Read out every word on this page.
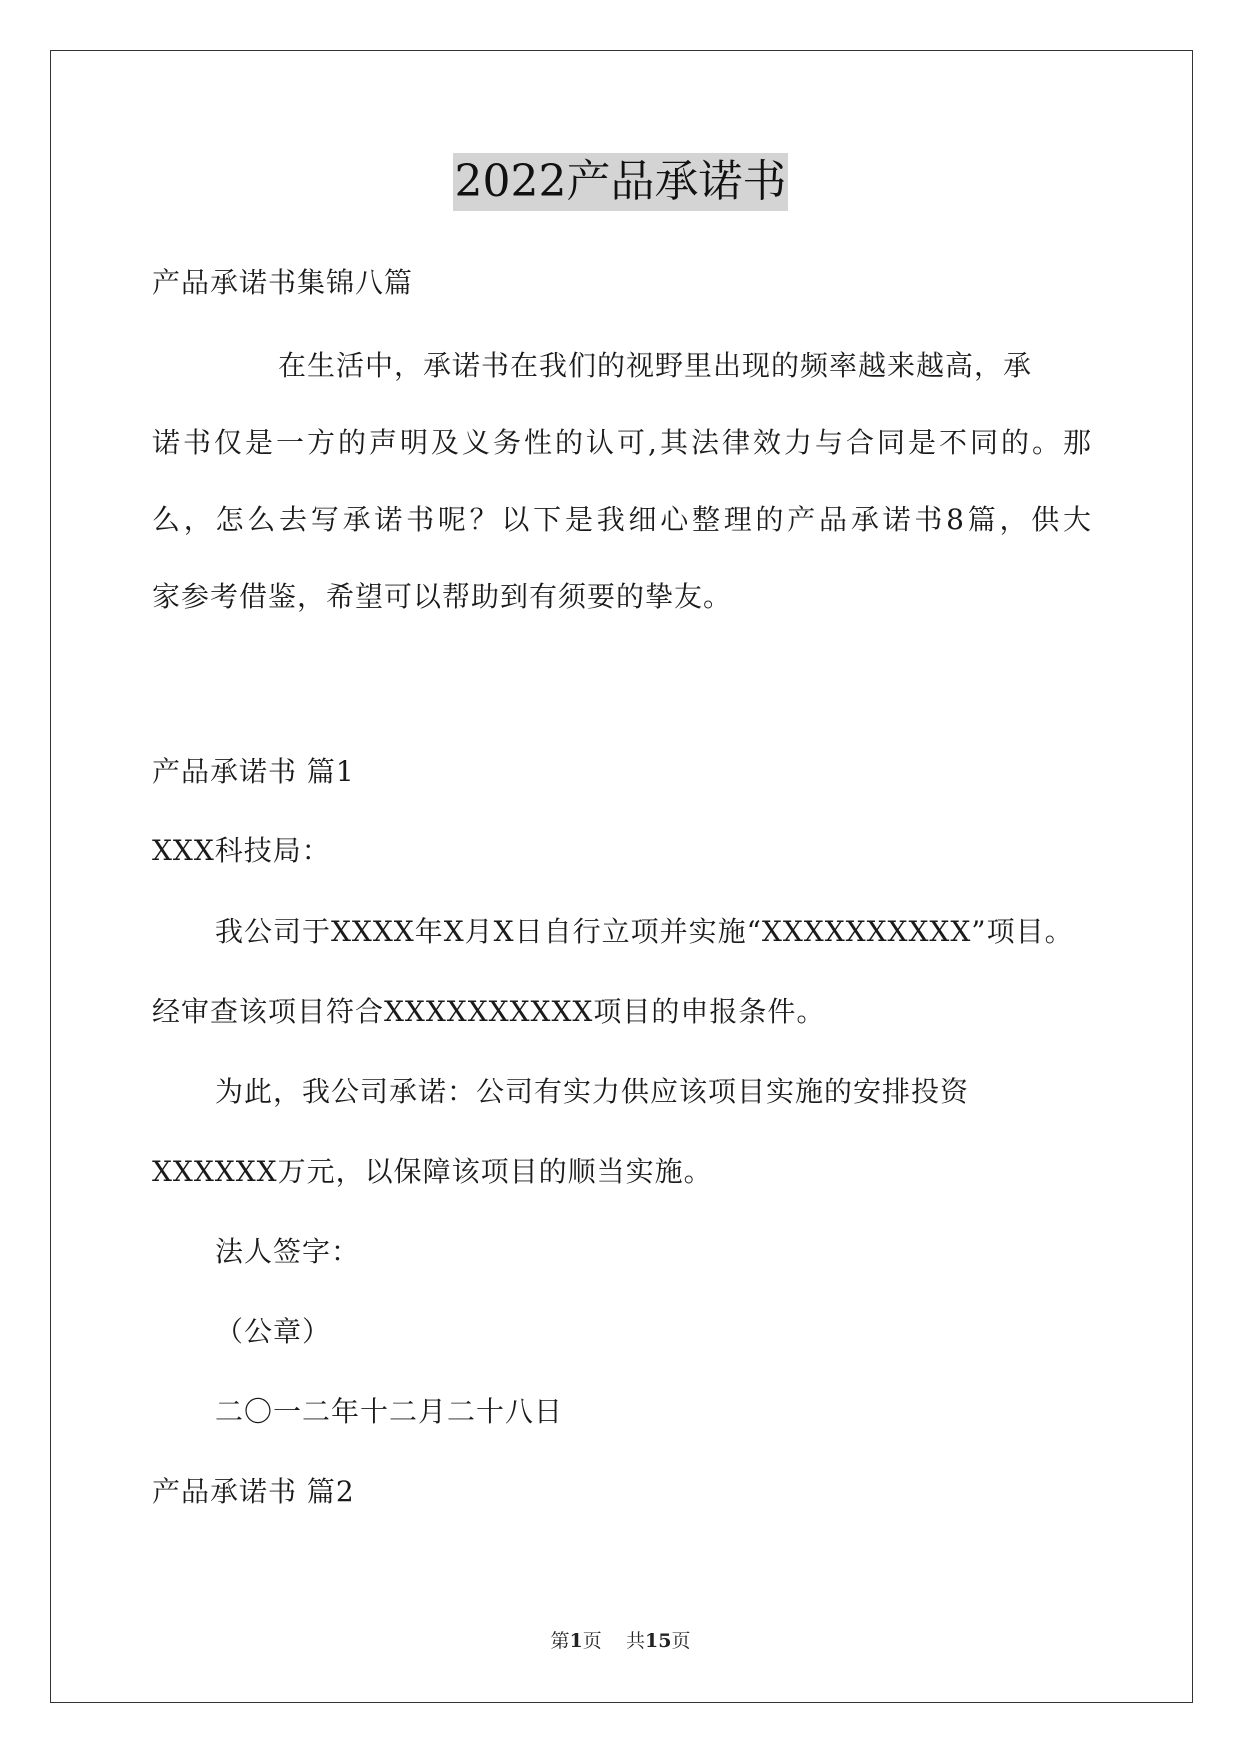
2022产品承诺书
产品承诺书集锦八篇
在生活中，承诺书在我们的视野里出现的频率越来越高，承
诺书仅是一方的声明及义务性的认可,其法律效力与合同是不同的。那
么，怎么去写承诺书呢？以下是我细心整理的产品承诺书8篇，供大
家参考借鉴，希望可以帮助到有须要的挚友。
产品承诺书 篇1
XXX科技局：
我公司于XXXX年X月X日自行立项并实施“XXXXXXXXXX”项目。
经审查该项目符合XXXXXXXXXX项目的申报条件。
为此，我公司承诺：公司有实力供应该项目实施的安排投资
XXXXXX万元，以保障该项目的顺当实施。
法人签字：
（公章）
二〇一二年十二月二十八日
产品承诺书 篇2
第1页 共15页
